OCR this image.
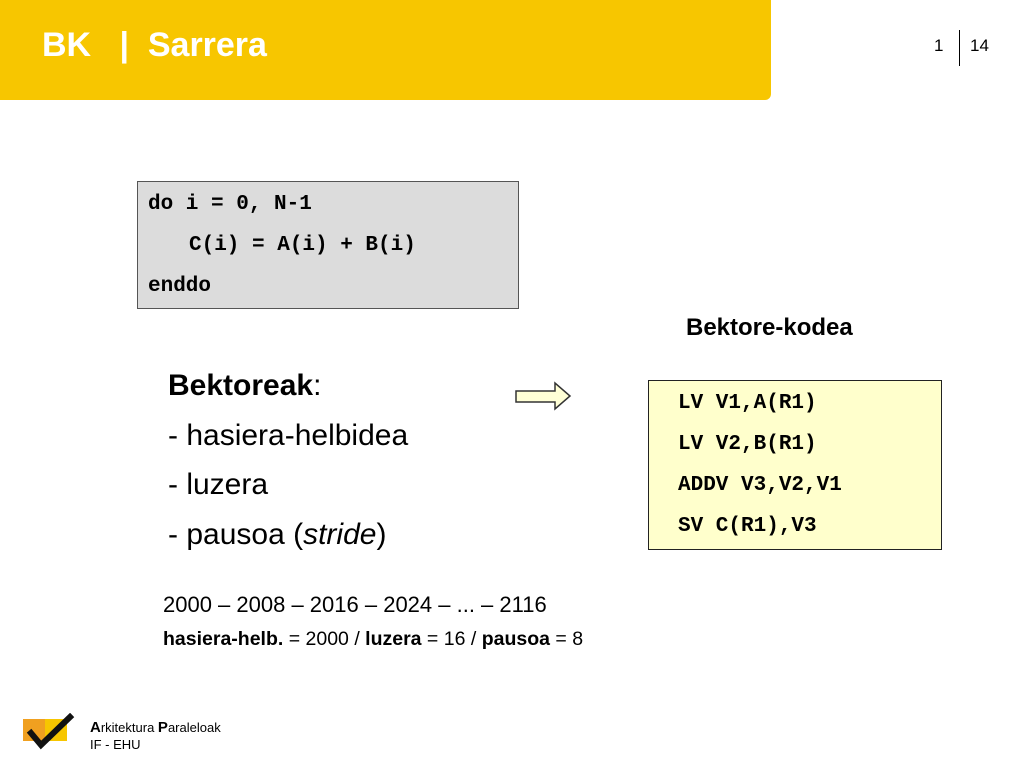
BK   |  Sarrera	1 14
do i = 0, N-1
C(i) = A(i) + B(i)
enddo
Bektore-kodea
Bektoreak:
- hasiera-helbidea
- luzera
- pausoa (stride)
LV V1,A(R1)
LV V2,B(R1)
ADDV V3,V2,V1
SV C(R1),V3
2000 – 2008 – 2016 – 2024 – ... – 2116
hasiera-helb. = 2000 / luzera = 16 / pausoa = 8
Arkitektura Paraleloak
IF - EHU
